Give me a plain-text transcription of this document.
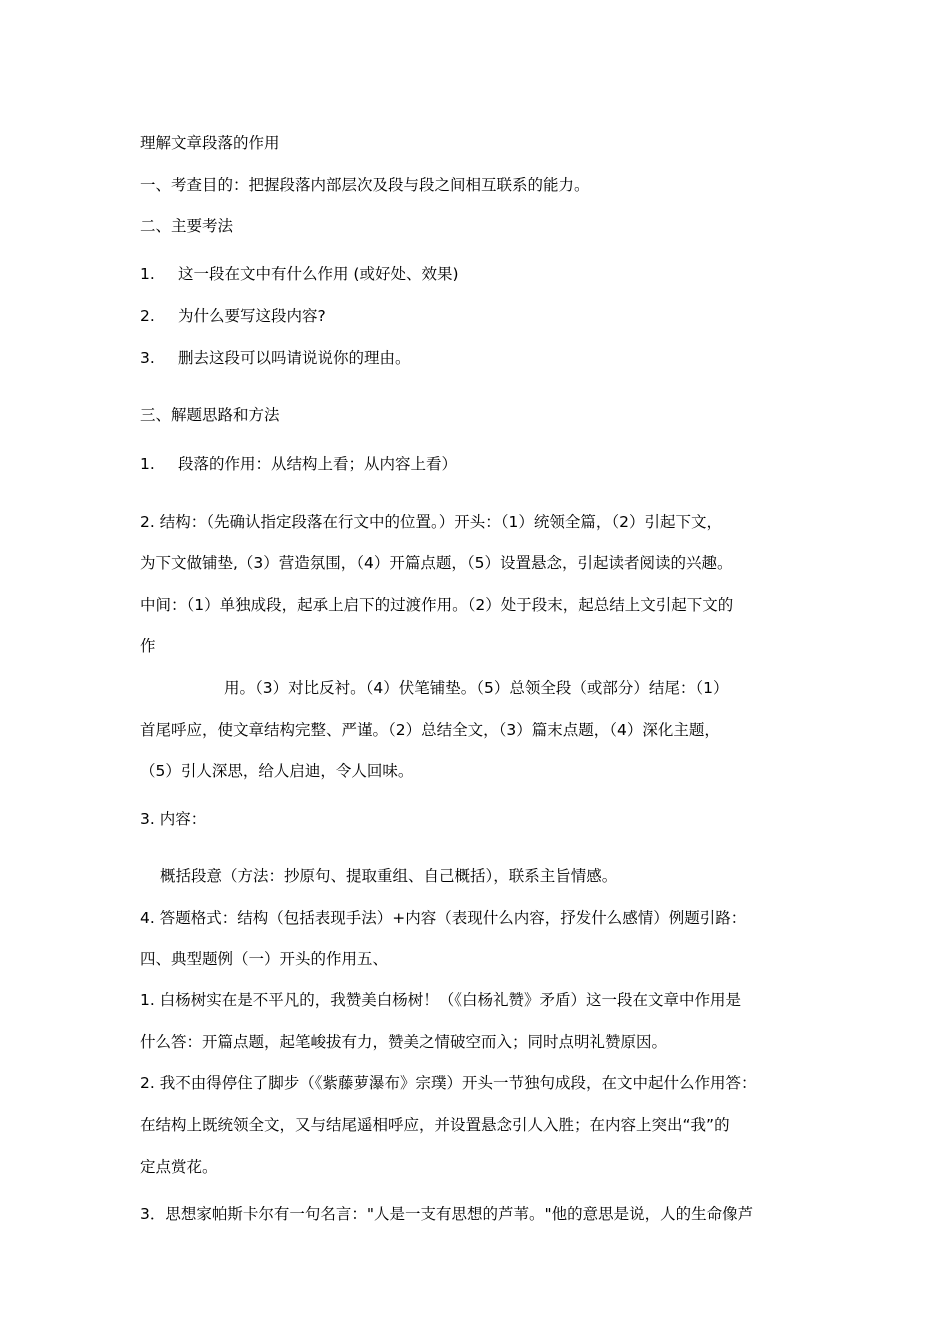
理解文章段落的作用
一、考查目的：把握段落内部层次及段与段之间相互联系的能力。
二、主要考法
1. 这一段在文中有什么作用 (或好处、效果)
2. 为什么要写这段内容?
3. 删去这段可以吗请说说你的理由。
三、解题思路和方法
1. 段落的作用：从结构上看；从内容上看）
2. 结构：（先确认指定段落在行文中的位置。）开头：（1）统领全篇，（2）引起下文，
为下文做铺垫,（3）营造氛围，（4）开篇点题，（5）设置悬念，引起读者阅读的兴趣。
中间：（1）单独成段，起承上启下的过渡作用。（2）处于段末，起总结上文引起下文的
作
用。（3）对比反衬。（4）伏笔铺垫。（5）总领全段（或部分）结尾：（1）
首尾呼应，使文章结构完整、严谨。（2）总结全文，（3）篇末点题，（4）深化主题，
（5）引人深思，给人启迪，令人回味。
3. 内容：
概括段意（方法：抄原句、提取重组、自己概括），联系主旨情感。
4. 答题格式：结构（包括表现手法）+内容（表现什么内容，抒发什么感情）例题引路：
四、典型题例（一）开头的作用五、
1. 白杨树实在是不平凡的，我赞美白杨树！（《白杨礼赞》矛盾）这一段在文章中作用是
什么答：开篇点题，起笔峻拔有力，赞美之情破空而入；同时点明礼赞原因。
2. 我不由得停住了脚步（《紫藤萝瀑布》宗璞）开头一节独句成段，在文中起什么作用答：
在结构上既统领全文，又与结尾遥相呼应，并设置悬念引人入胜；在内容上突出“我”的
定点赏花。
3．思想家帕斯卡尔有一句名言："人是一支有思想的芦苇。"他的意思是说，人的生命像芦
